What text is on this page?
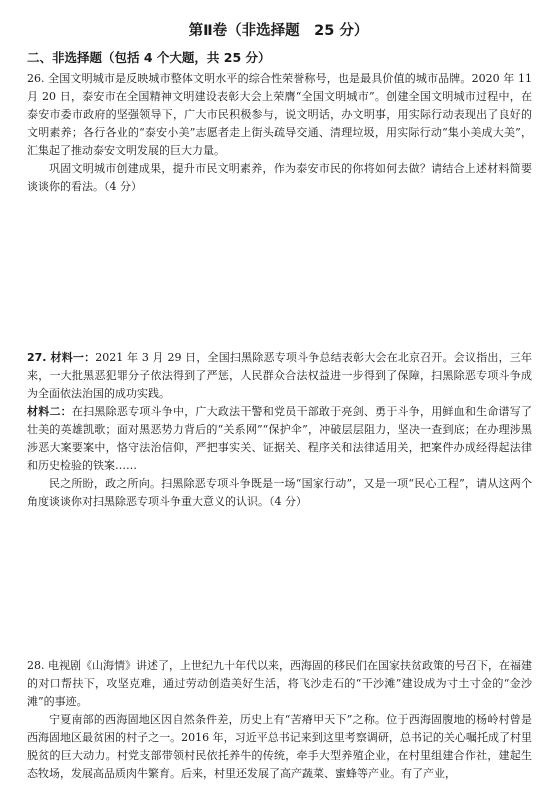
第Ⅱ卷（非选择题　25 分）
二、非选择题（包括 4 个大题，共 25 分）

26. 全国文明城市是反映城市整体文明水平的综合性荣誉称号，也是最具价值的城市品牌。2020 年 11 月 20 日，泰安市在全国精神文明建设表彰大会上荣膺“全国文明城市”。创建全国文明城市过程中，在泰安市委市政府的坚强领导下，广大市民积极参与，说文明话，办文明事，用实际行动表现出了良好的文明素养；各行各业的“泰安小美”志愿者走上街头疏导交通、清理垃圾，用实际行动“集小美成大美”，汇集起了推动泰安文明发展的巨大力量。

巩固文明城市创建成果，提升市民文明素养，作为泰安市民的你将如何去做？请结合上述材料简要谈谈你的看法。（4 分）

27. 材料一：2021 年 3 月 29 日，全国扫黑除恶专项斗争总结表彰大会在北京召开。会议指出，三年来，一大批黑恶犯罪分子依法得到了严惩，人民群众合法权益进一步得到了保障，扫黑除恶专项斗争成为全面依法治国的成功实践。

材料二：在扫黑除恶专项斗争中，广大政法干警和党员干部敢于亮剑、勇于斗争，用鲜血和生命谱写了壮美的英雄凯歌；面对黑恶势力背后的“关系网”“保护伞”，冲破层层阻力，坚决一查到底；在办理涉黑涉恶大案要案中，恪守法治信仰，严把事实关、证据关、程序关和法律适用关，把案件办成经得起法律和历史检验的铁案……

民之所盼，政之所向。扫黑除恶专项斗争既是一场“国家行动”，又是一项“民心工程”，请从这两个角度谈谈你对扫黑除恶专项斗争重大意义的认识。（4 分）

28. 电视剧《山海情》讲述了，上世纪九十年代以来，西海固的移民们在国家扶贫政策的号召下，在福建的对口帮扶下，攻坚克难，通过劳动创造美好生活，将飞沙走石的“干沙滩”建设成为寸土寸金的“金沙滩”的事迹。

宁夏南部的西海固地区因自然条件差，历史上有“苦瘠甲天下”之称。位于西海固腹地的杨岭村曾是西海固地区最贫困的村子之一。2016 年，习近平总书记来到这里考察调研，总书记的关心嘱托成了村里脱贫的巨大动力。村党支部带领村民依托养牛的传统，牵手大型养殖企业，在村里组建合作社，建起生态牧场，发展高品质肉牛繁育。后来，村里还发展了高产蔬菜、蜜蜂等产业。有了产业，
